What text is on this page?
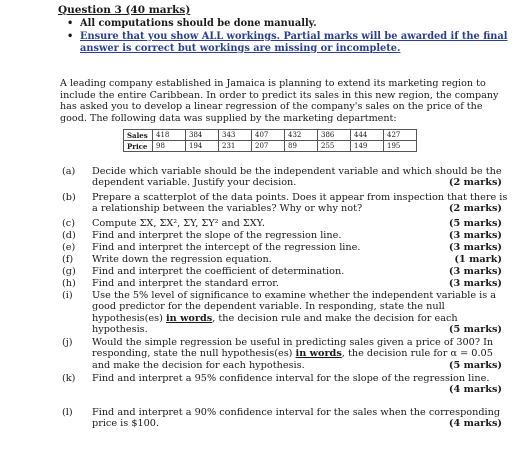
Question 3 (40 marks)
• All computations should be done manually.
• Ensure that you show ALL workings. Partial marks will be awarded if the final
answer is correct but workings are missing or incomplete.
A leading company established in Jamaica is planning to extend its marketing region to
include the entire Caribbean. In order to predict its sales in this new region, the company
has asked you to develop a linear regression of the company's sales on the price of the
good. The following data was supplied by the marketing department:
Sales	418	384	343	407	432	386	444	427
Price	98	194	231	207	89	255	149	195
(a) Decide which variable should be the independent variable and which should be the
dependent variable. Justify your decision.	(2 marks)
(b) Prepare a scatterplot of the data points. Does it appear from inspection that there is
a relationship between the variables? Why or why not?	(2 marks)
(c) Compute ΣX, ΣX², ΣY, ΣY² and ΣXY.	(5 marks)
(d) Find and interpret the slope of the regression line.	(3 marks)
(e) Find and interpret the intercept of the regression line.	(3 marks)
(f) Write down the regression equation.	(1 mark)
(g) Find and interpret the coefficient of determination.	(3 marks)
(h) Find and interpret the standard error.	(3 marks)
(i) Use the 5% level of significance to examine whether the independent variable is a
good predictor for the dependent variable. In responding, state the null
hypothesis(es) in words, the decision rule and make the decision for each
hypothesis.	(5 marks)
(j) Would the simple regression be useful in predicting sales given a price of 300? In
responding, state the null hypothesis(es) in words, the decision rule for α = 0.05
and make the decision for each hypothesis.	(5 marks)
(k) Find and interpret a 95% confidence interval for the slope of the regression line.

(4 marks)
(l) Find and interpret a 90% confidence interval for the sales when the corresponding
price is $100.	(4 marks)
